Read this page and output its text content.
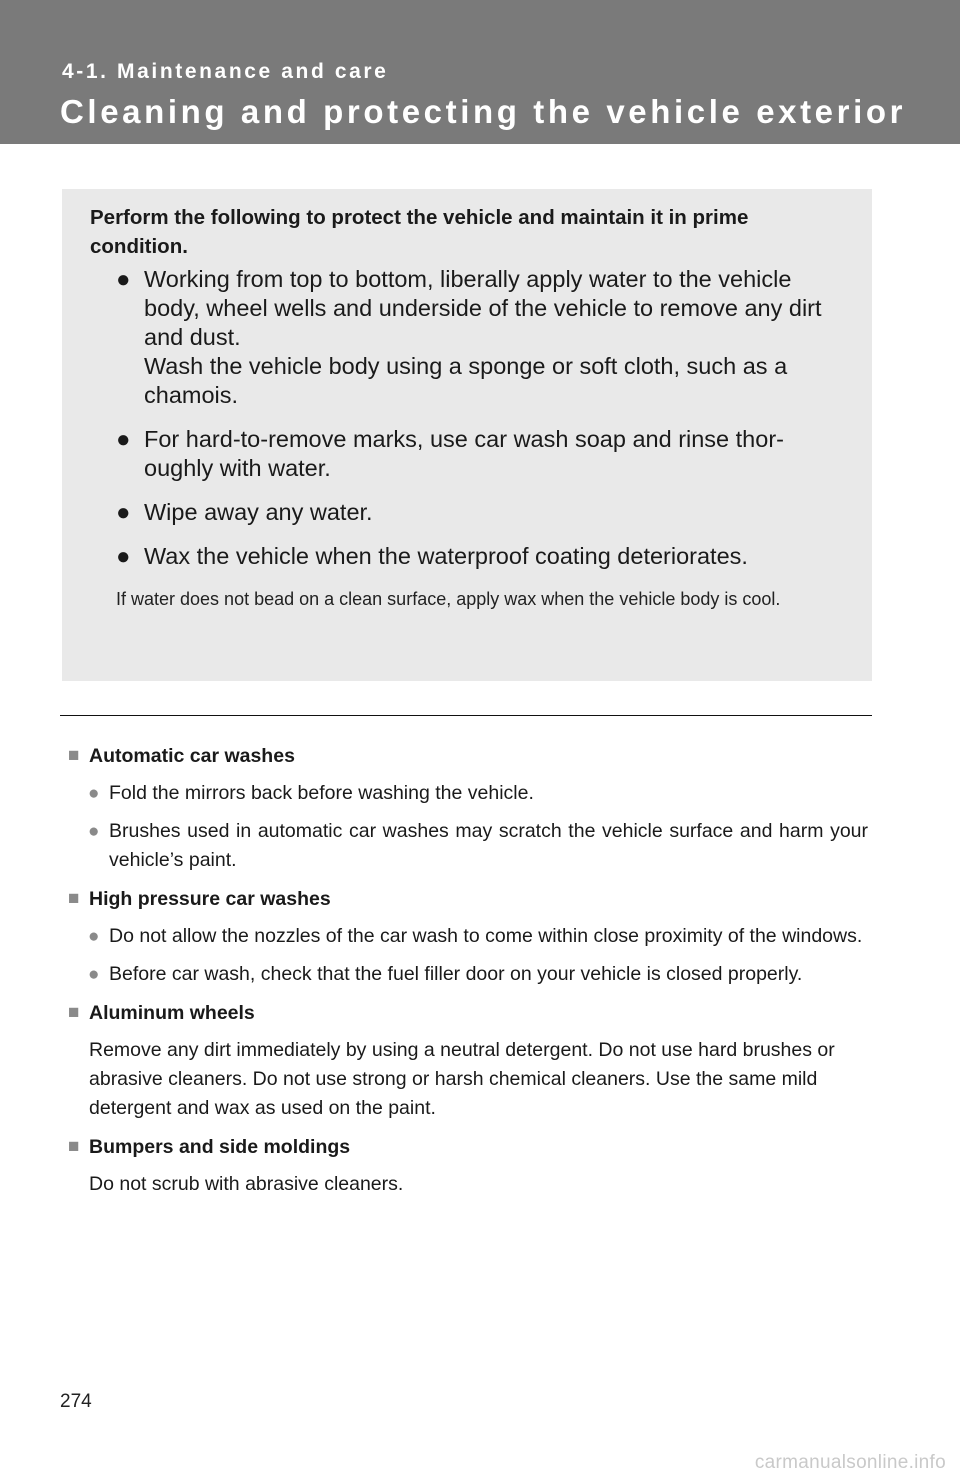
4-1. Maintenance and care
Cleaning and protecting the vehicle exterior

Perform the following to protect the vehicle and maintain it in prime condition.

● Working from top to bottom, liberally apply water to the vehicle body, wheel wells and underside of the vehicle to remove any dirt and dust.
Wash the vehicle body using a sponge or soft cloth, such as a chamois.
● For hard-to-remove marks, use car wash soap and rinse thor-oughly with water.
● Wipe away any water.
● Wax the vehicle when the waterproof coating deteriorates.

If water does not bead on a clean surface, apply wax when the vehicle body is cool.

■ Automatic car washes
● Fold the mirrors back before washing the vehicle.
● Brushes used in automatic car washes may scratch the vehicle surface and harm your vehicle’s paint.
■ High pressure car washes
● Do not allow the nozzles of the car wash to come within close proximity of the windows.
● Before car wash, check that the fuel filler door on your vehicle is closed properly.
■ Aluminum wheels

Remove any dirt immediately by using a neutral detergent. Do not use hard brushes or abrasive cleaners. Do not use strong or harsh chemical cleaners. Use the same mild detergent and wax as used on the paint.

■ Bumpers and side moldings

Do not scrub with abrasive cleaners.

274
carmanualsonline.info
